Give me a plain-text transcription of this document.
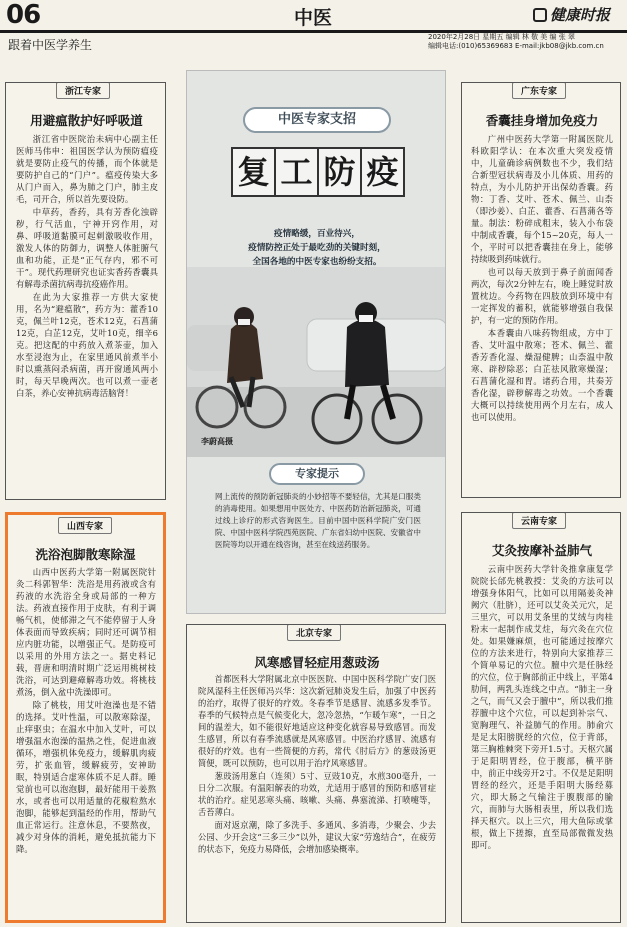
06	中医	健康时报
2020年2月28日 星期五 编辑 林 敬 美 编 张 翠
编辑电话:(010)65369683 E-mail:jkb08@jkb.com.cn
跟着中医学养生
浙江专家
用避瘟散护好呼吸道

浙江省中医院治未病中心副主任医师马伟申：祖国医学认为预防瘟疫就是要防止疫气的传播，而个体就是要防护自己的“门户”。瘟疫传染大多从门户而入，鼻为肺之门户，肺主皮毛，司开合，所以首先要设防。

中草药，香药，具有芳香化浊辟秽，行气活血，宁神开窍作用，对鼻、呼吸道黏膜可起刺激吸收作用，激发人体的防御力，调整人体脏腑气血和功能，正是“正气存内，邪不可干”。现代药理研究也证实香药香囊具有解毒杀菌抗病毒抗疫癌作用。

在此为大家推荐一方供大家使用，名为“避瘟散”，药方为：藿香10克，佩兰叶12克，苍术12克，石菖蒲12克，白芷12克，艾叶10克，细辛6克。把这配的中药放入煮茶壶，加入水至浸泡为止，在家里通风前煮半小时以熏蒸闷杀病菌，再开窗通风两小时，每天早晚两次。也可以煮一壶老白茶，养心安神抗病毒活脑肾！

山西专家
洗浴泡脚散寒除湿

山西中医药大学第一附属医院针灸二科郭智华：洗浴是用药液或含有药液的水洗浴全身或局部的一种方法。药液直接作用于皮肤，有利于调畅气机，使郁滞之气不能停留于人身体表面而导致疾病；同时还可调节相应内脏功能，以增强正气。是防疫可以采用的外用方法之一。据史料记载，晋唐和明清时期广泛运用桃树枝洗浴，可达到避瘴解毒功效。将桃枝煮汤，倒入盆中洗澡即可。

除了桃枝，用艾叶泡澡也是不错的选择。艾叶性温，可以散寒除湿，止痒驱虫；在温水中加入艾叶，可以增强温水泡澡的温热之性，促进血液循环，增强机体免疫力，缓解肌肉疲劳，扩张血管，缓解疲劳，安神助眠，特别适合虚寒体质不足人群。睡觉前也可以泡泡脚，最好能用干姜熬水，或者也可以用适量的花椒粒熬水泡脚，能够起到温经的作用，帮助气血正常运行。注意休息，不要熬夜，减少对身体的消耗，避免抵抗能力下降。

中医专家支招
复 工 防 疫
疫情略缓，百业待兴，
疫情防控正处于最吃劲的关键时刻，
全国各地的中医专家也纷纷支招。
李蔚高摄
专家提示
网上流传的预防新冠肺炎的小妙招等不要轻信，尤其是口服类的消毒使用。如果想用中医处方、中医药防治新冠肺炎，可通过线上诊疗的形式咨询医生。目前中国中医科学院广安门医院、中国中医科学院西苑医院、广东省妇幼中医院、安徽省中医院等均以开通在线咨询，甚至在线送药服务。
北京专家
风寒感冒轻症用葱豉汤

首都医科大学附属北京中医医院、中国中医科学院广安门医院风湿科主任医师冯兴华：这次新冠肺炎发生后，加强了中医药的治疗，取得了很好的疗效。冬春季节是感冒、流感多发季节。春季的气候特点是气候变化大，忽冷忽热，“乍暖乍寒”，一日之间的温差大，如不能很好地适应这种变化就容易导致感冒。而发生感冒，所以有春季流感就是风寒感冒。中医治疗感冒、流感有很好的疗效。也有一些简便的方药，常代《肘后方》的葱豉汤更简便，既可以预防，也可以用于治疗风寒感冒。

葱豉汤用葱白（连须）5寸、豆豉10克，水煎300毫升，一日分二次服。有温阳解表的功效，尤适用于感冒的预防和感冒症状的治疗。症见恶寒头痛、咳嗽、头痛、鼻塞流涕、打喷嚏等，舌苔薄白。

面对返京潮，除了多洗手、多通风、多消毒，少聚会、少去公园、少开会这“三多三少”以外，建议大家“劳逸结合”，在疲劳的状态下，免疫力易降低，会增加感染概率。

广东专家
香囊挂身增加免疫力

广州中医药大学第一附属医院儿科欧阳学认：在本次重大突发疫情中，儿童确诊病例数也不少，我们结合新型冠状病毒及小儿体质、用药的特点，为小儿防护开出保幼香囊。药物：丁香、艾叶、苍术、佩兰、山柰（即沙姜）、白芷、藿香、石菖蒲各等量。制法：粉碎成粗末，装入小布袋中制成香囊，每个15~20克，每人一个，平时可以把香囊挂在身上，能够持续吸到药味就行。

也可以每天放到于鼻子前面闻香两次，每次2分钟左右，晚上睡觉时放置枕边。今药物在四肢放到环境中有一定挥发的蓄积，就能够增强自我保护，有一定的预防作用。

本香囊由八味药物组成，方中丁香、艾叶温中散寒；苍术、佩兰、藿香芳香化湿、燥湿健脾；山柰温中散寒、辟秽除恶；白芷祛风散寒燥湿；石菖蒲化湿和胃。诸药合用，共奏芳香化湿，辟秽解毒之功效。一个香囊大概可以持续使用两个月左右，成人也可以使用。

云南专家
艾灸按摩补益肺气

云南中医药大学针灸推拿康复学院院长邰先桃教授：艾灸的方法可以增强身体阳气，比如可以用隔姜灸神阙穴（肚脐），还可以艾灸关元穴，足三里穴，可以用艾条里的艾绒与肉桂粉末一起制作成艾炷，每穴灸在穴位处。如果嫌麻烦，也可能通过按摩穴位的方法来进行，特别向大家推荐三个简单易记的穴位。膻中穴是任脉经的穴位，位于胸部前正中线上，平第4肋间，两乳头连线之中点。“肺主一身之气，而气又会于膻中”，所以我们推荐膻中这个穴位，可以起到补宗气、宽胸理气、补益肺气的作用。肺俞穴是足太阳膀胱经的穴位，位于背部，第三胸椎棘突下旁开1.5寸。天枢穴属于足阳明胃经，位于腹部，横平脐中，前正中线旁开2寸。不仅是足阳明胃经的经穴，还是手阳明大肠经募穴，即大肠之气输注于腹腹部的腧穴，而肺与大肠相表里，所以我们选择天枢穴。以上三穴，用大鱼际或掌根，做上下搓擦，直至局部微微发热即可。
